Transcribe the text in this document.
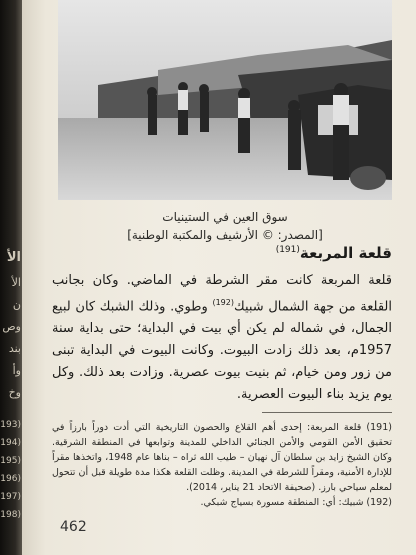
الأ
الأ
ن
وص
بند
وأ
وخ
(193
(194
(195
(196
(197
(198
سوق العين في الستينيات
[المصدر: © الأرشيف والمكتبة الوطنية]
قلعة المربعة$^{(191)}$
قلعة المربعة كانت مقر الشرطة في الماضي. وكان بجانب القلعة من جهة الشمال شبيك$^{(192)}$ وطوي. وذلك الشبك كان لبيع الجمال، في شماله لم يكن أي بيت في البداية؛ حتى بداية سنة 1957م، بعد ذلك زادت البيوت. وكانت البيوت في البداية تبنى من زور ومن خيام، ثم بنيت بيوت عصرية. وزادت بعد ذلك. وكل يوم يزيد بناء البيوت العصرية.
(191) قلعة المربعة: إحدى أهم القلاع والحصون التاريخية التي أدت دوراً بارزاً في تحقيق الأمن القومي والأمن الجنائي الداخلي للمدينة وتوابعها في المنطقة الشرقية. وكان الشيخ زايد بن سلطان آل نهيان – طيب الله ثراه – بناها عام 1948، واتخذها مقراً للإدارة الأمنية، ومقراً للشرطة في المدينة. وظلت القلعة هكذا مدة طويلة قبل أن تتحول لمعلم سياحي بارز. (صحيفة الاتحاد 21 يناير، 2014).
(192) شبيك: أي: المنطقة مسورة بسياج شبكي.
462
